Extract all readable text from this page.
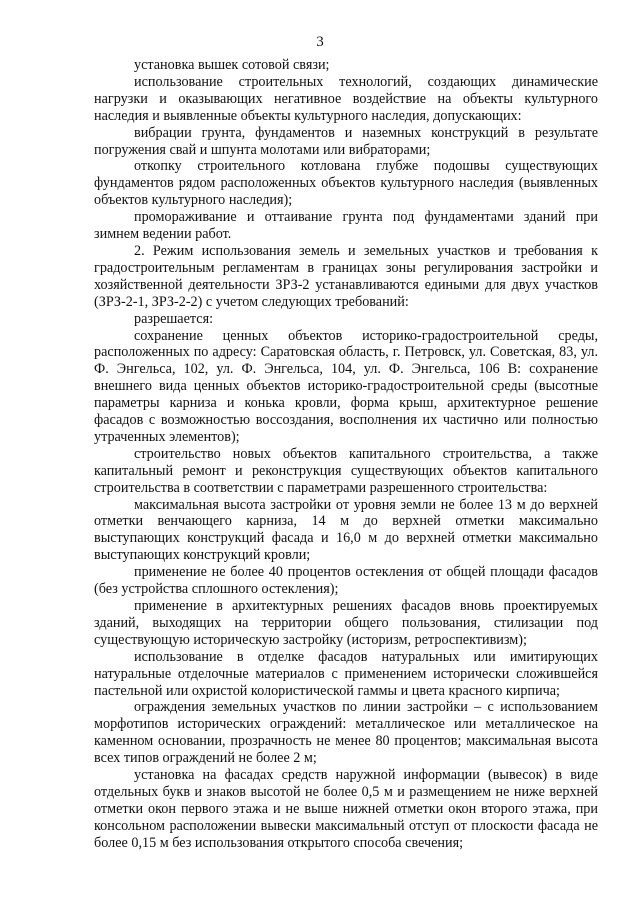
3

установка вышек сотовой связи;

использование строительных технологий, создающих динамические нагрузки и оказывающих негативное воздействие на объекты культурного наследия и выявленные объекты культурного наследия, допускающих:

вибрации грунта, фундаментов и наземных конструкций в результате погружения свай и шпунта молотами или вибраторами;

откопку строительного котлована глубже подошвы существующих фундаментов рядом расположенных объектов культурного наследия (выявленных объектов культурного наследия);

промораживание и оттаивание грунта под фундаментами зданий при зимнем ведении работ.

2. Режим использования земель и земельных участков и требования к градостроительным регламентам в границах зоны регулирования застройки и хозяйственной деятельности ЗРЗ-2 устанавливаются едиными для двух участков (ЗРЗ-2-1, ЗРЗ-2-2) с учетом следующих требований:

разрешается:

сохранение ценных объектов историко-градостроительной среды, расположенных по адресу: Саратовская область, г. Петровск, ул. Советская, 83, ул. Ф. Энгельса, 102, ул. Ф. Энгельса, 104, ул. Ф. Энгельса, 106 В: сохранение внешнего вида ценных объектов историко-градостроительной среды (высотные параметры карниза и конька кровли, форма крыш, архитектурное решение фасадов с возможностью воссоздания, восполнения их частично или полностью утраченных элементов);

строительство новых объектов капитального строительства, а также капитальный ремонт и реконструкция существующих объектов капитального строительства в соответствии с параметрами разрешенного строительства:

максимальная высота застройки от уровня земли не более 13 м до верхней отметки венчающего карниза, 14 м до верхней отметки максимально выступающих конструкций фасада и 16,0 м до верхней отметки максимально выступающих конструкций кровли;

применение не более 40 процентов остекления от общей площади фасадов (без устройства сплошного остекления);

применение в архитектурных решениях фасадов вновь проектируемых зданий, выходящих на территории общего пользования, стилизации под существующую историческую застройку (историзм, ретроспективизм);

использование в отделке фасадов натуральных или имитирующих натуральные отделочные материалов с применением исторически сложившейся пастельной или охристой колористической гаммы и цвета красного кирпича;

ограждения земельных участков по линии застройки – с использованием морфотипов исторических ограждений: металлическое или металлическое на каменном основании, прозрачность не менее 80 процентов; максимальная высота всех типов ограждений не более 2 м;

установка на фасадах средств наружной информации (вывесок) в виде отдельных букв и знаков высотой не более 0,5 м и размещением не ниже верхней отметки окон первого этажа и не выше нижней отметки окон второго этажа, при консольном расположении вывески максимальный отступ от плоскости фасада не более 0,15 м без использования открытого способа свечения;
